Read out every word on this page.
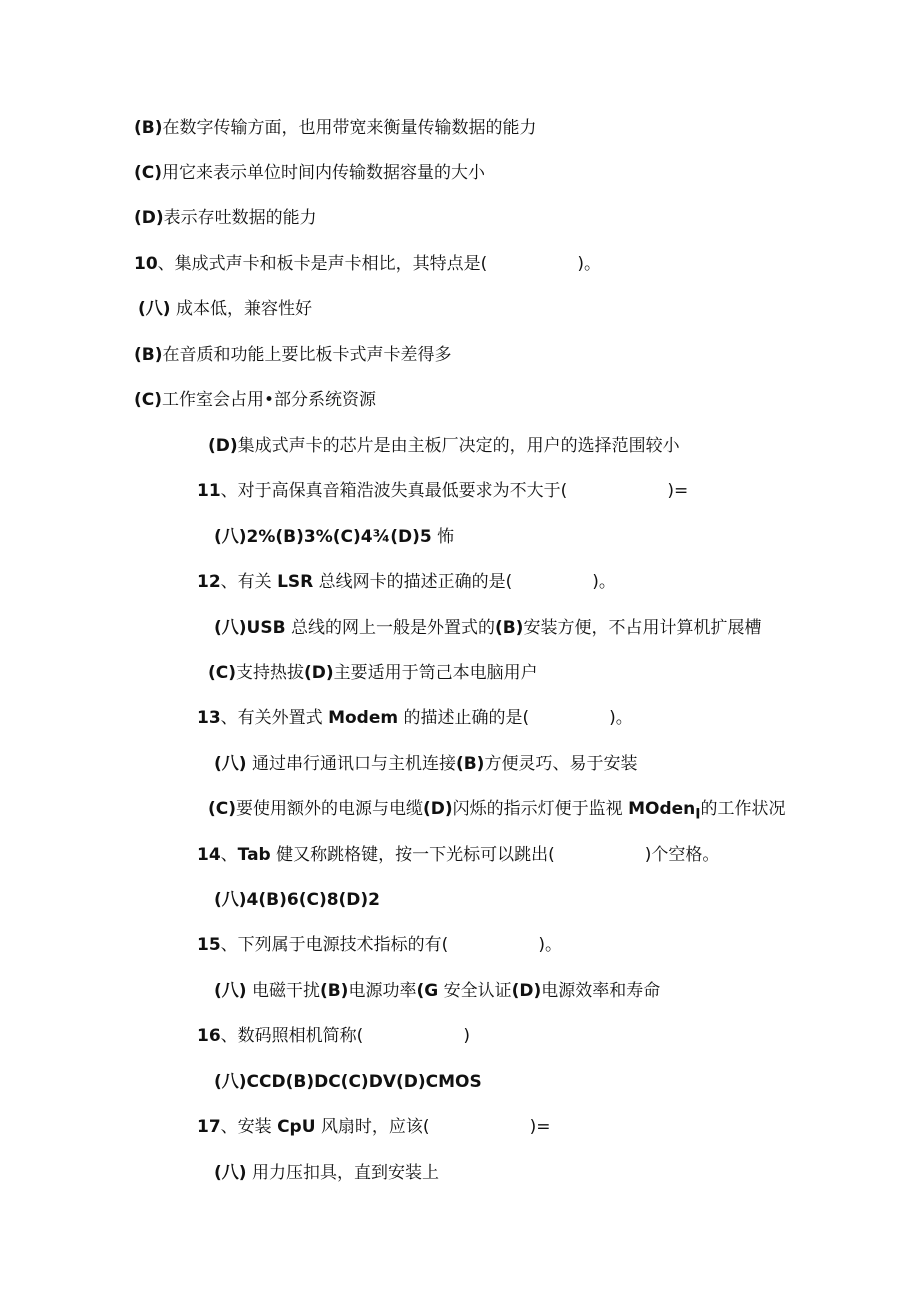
(B)在数字传输方面，也用带宽来衡量传输数据的能力
(C)用它来表示单位时间内传输数据容量的大小
(D)表示存吐数据的能力
10、集成式声卡和板卡是声卡相比，其特点是(	)。
(八) 成本低，兼容性好
(B)在音质和功能上要比板卡式声卡差得多
(C)工作室会占用•部分系统资源
(D)集成式声卡的芯片是由主板厂决定的，用户的选择范围较小
11、对于高保真音箱浩波失真最低要求为不大于(	)=
(八)2%(B)3%(C)4¾(D)5 怖
12、有关 LSR 总线网卡的描述正确的是(	)。
(八)USB 总线的网上一般是外置式的(B)安装方便，不占用计算机扩展槽
(C)支持热拔(D)主要适用于笥己本电脑用户
13、有关外置式 Modem 的描述止确的是(	)。
(八) 通过串行通讯口与主机连接(B)方便灵巧、易于安装
(C)要使用额外的电源与电缆(D)闪烁的指示灯便于监视 MOden$_I$的工作状况
14、Tab 健又称跳格键，按一下光标可以跳出(	)个空格。
(八)4(B)6(C)8(D)2
15、下列属于电源技术指标的有(	)。
(八) 电磁干扰(B)电源功率(G 安全认证(D)电源效率和寿命
16、数码照相机简称(	)
(八)CCD(B)DC(C)DV(D)CMOS
17、安装 CpU 风扇时，应该(	)=
(八) 用力压扣具，直到安装上
